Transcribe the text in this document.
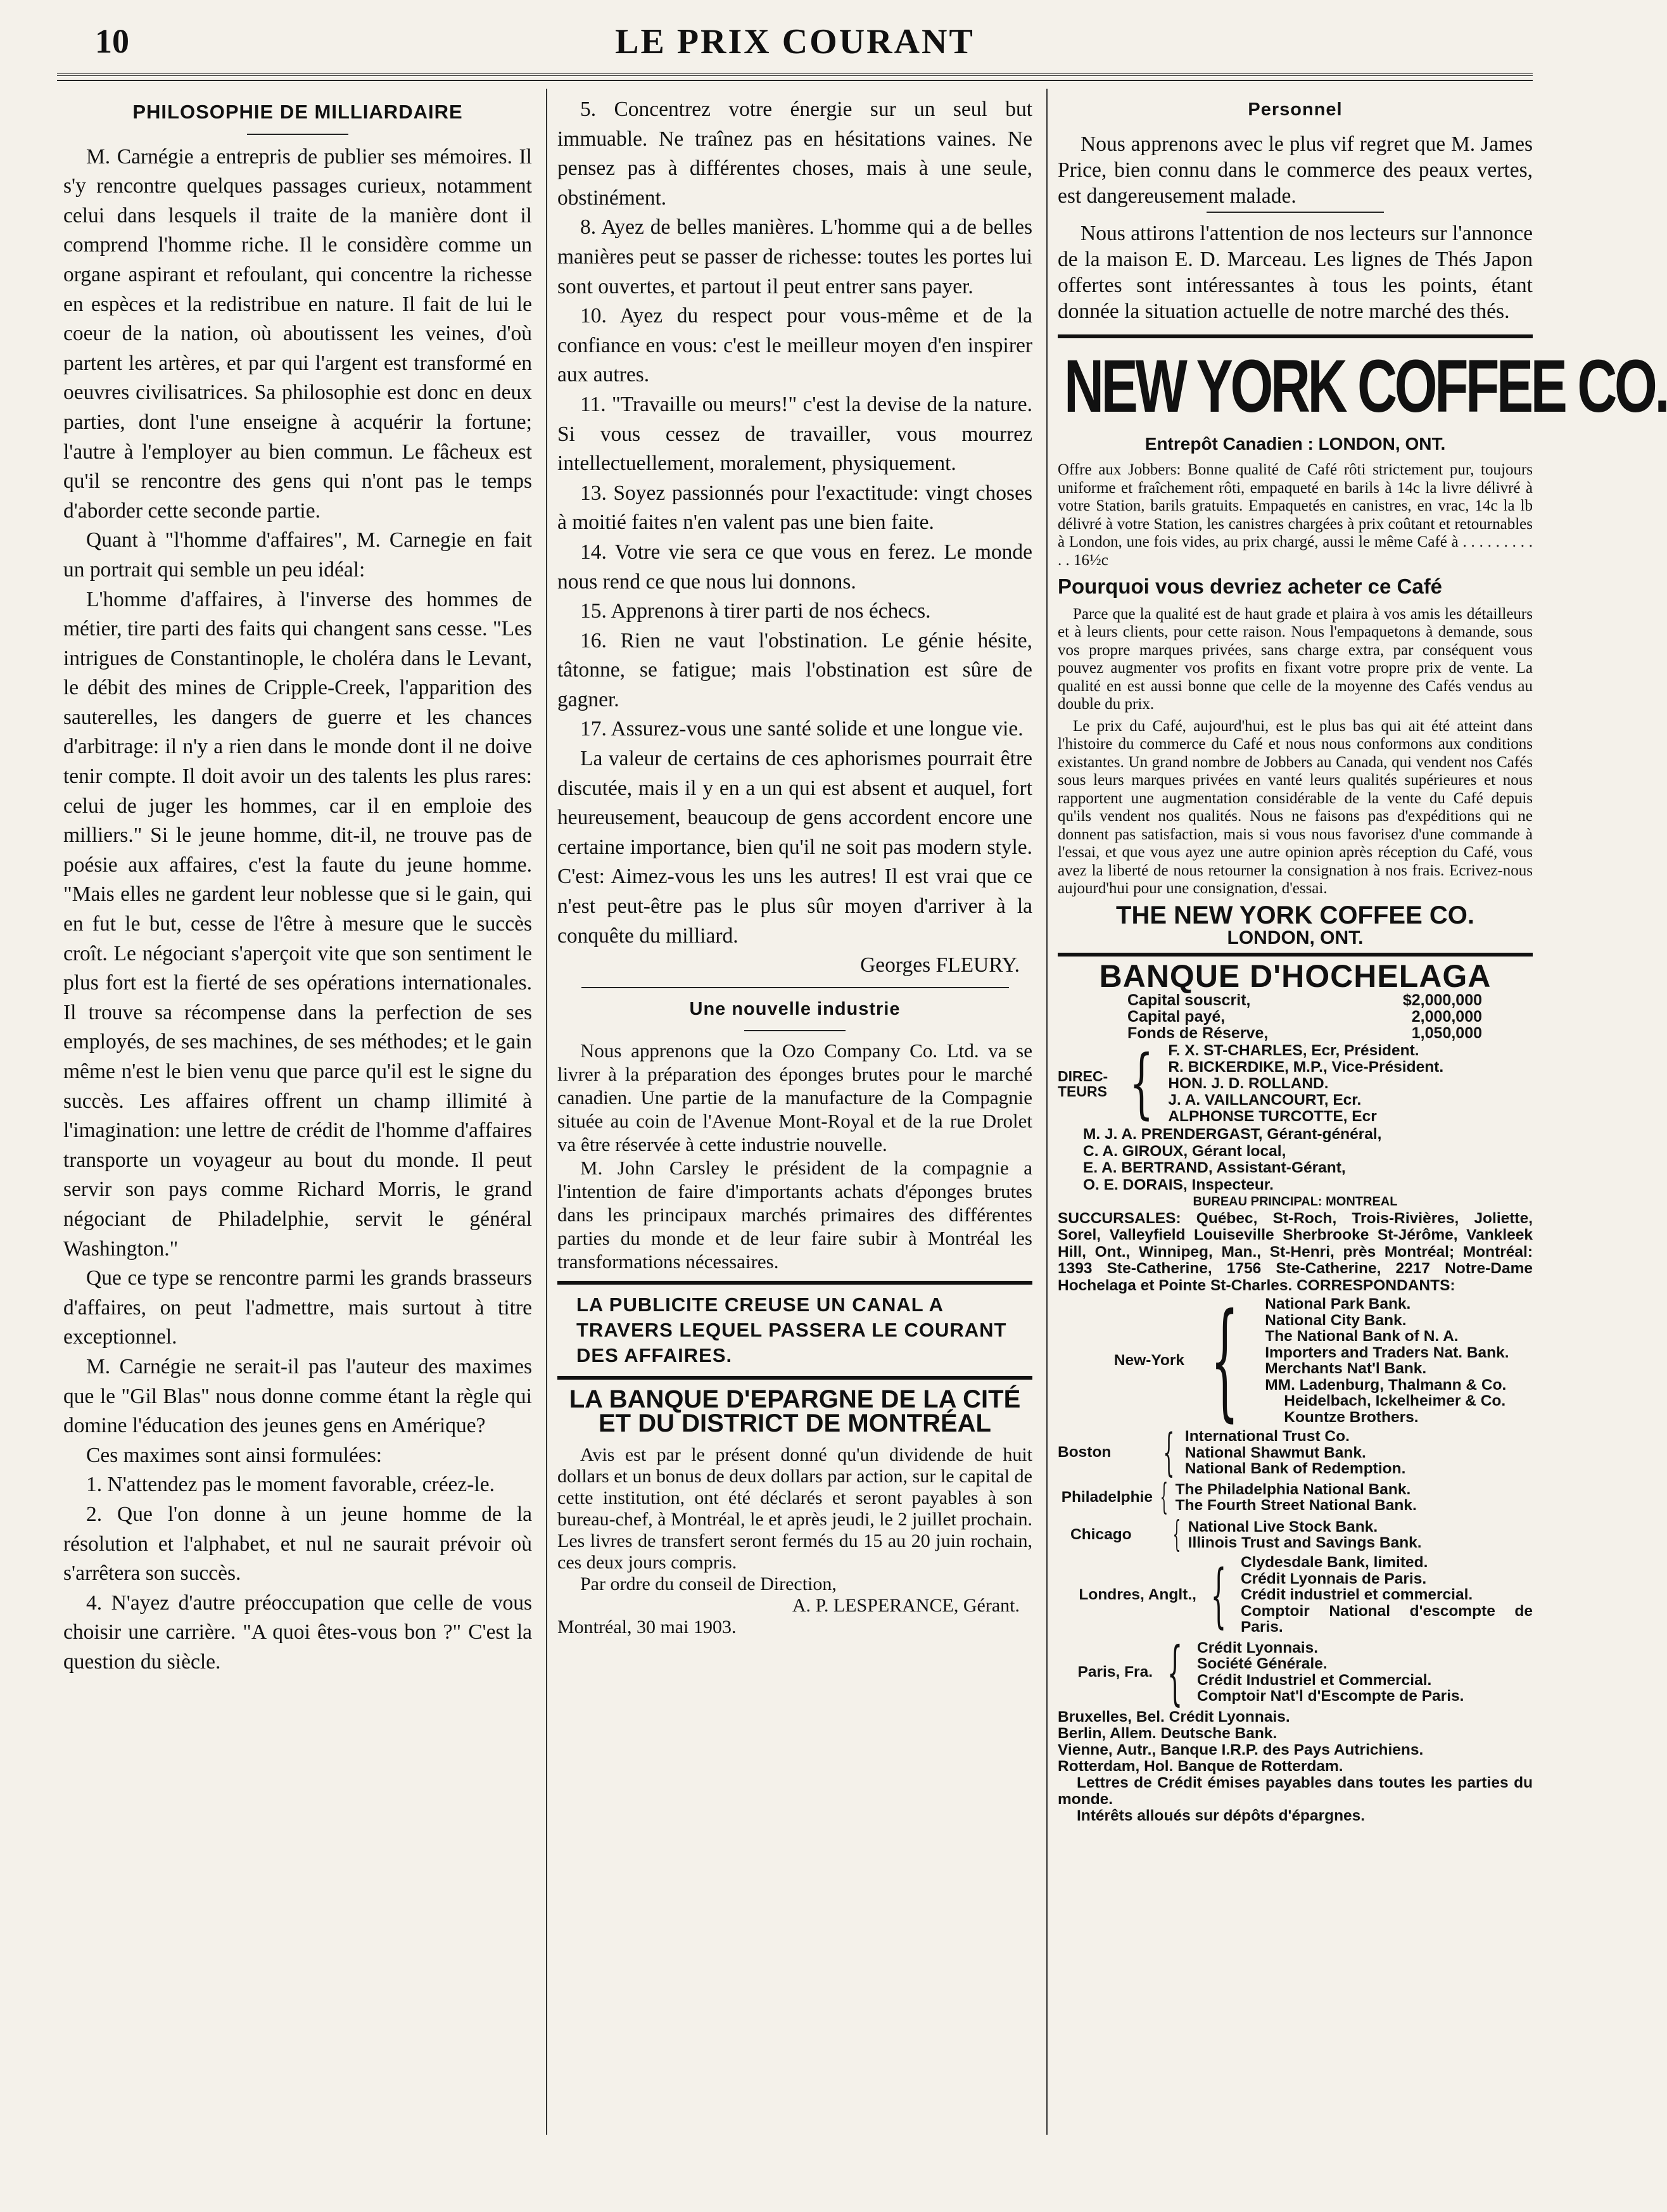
10	LE PRIX COURANT
PHILOSOPHIE DE MILLIARDAIRE

M. Carnégie a entrepris de publier ses mémoires. Il s'y rencontre quelques passages curieux, notamment celui dans lesquels il traite de la manière dont il comprend l'homme riche. Il le considère comme un organe aspirant et refoulant, qui concentre la richesse en espèces et la redistribue en nature. Il fait de lui le coeur de la nation, où aboutissent les veines, d'où partent les artères, et par qui l'argent est transformé en oeuvres civilisatrices. Sa philosophie est donc en deux parties, dont l'une enseigne à acquérir la fortune; l'autre à l'employer au bien commun. Le fâcheux est qu'il se rencontre des gens qui n'ont pas le temps d'aborder cette seconde partie.

Quant à "l'homme d'affaires", M. Carnegie en fait un portrait qui semble un peu idéal:

L'homme d'affaires, à l'inverse des hommes de métier, tire parti des faits qui changent sans cesse. "Les intrigues de Constantinople, le choléra dans le Levant, le débit des mines de Cripple-Creek, l'apparition des sauterelles, les dangers de guerre et les chances d'arbitrage: il n'y a rien dans le monde dont il ne doive tenir compte. Il doit avoir un des talents les plus rares: celui de juger les hommes, car il en emploie des milliers." Si le jeune homme, dit-il, ne trouve pas de poésie aux affaires, c'est la faute du jeune homme. "Mais elles ne gardent leur noblesse que si le gain, qui en fut le but, cesse de l'être à mesure que le succès croît. Le négociant s'aperçoit vite que son sentiment le plus fort est la fierté de ses opérations internationales. Il trouve sa récompense dans la perfection de ses employés, de ses machines, de ses méthodes; et le gain même n'est le bien venu que parce qu'il est le signe du succès. Les affaires offrent un champ illimité à l'imagination: une lettre de crédit de l'homme d'affaires transporte un voyageur au bout du monde. Il peut servir son pays comme Richard Morris, le grand négociant de Philadelphie, servit le général Washington."

Que ce type se rencontre parmi les grands brasseurs d'affaires, on peut l'admettre, mais surtout à titre exceptionnel.

M. Carnégie ne serait-il pas l'auteur des maximes que le "Gil Blas" nous donne comme étant la règle qui domine l'éducation des jeunes gens en Amérique?

Ces maximes sont ainsi formulées:

1. N'attendez pas le moment favorable, créez-le.

2. Que l'on donne à un jeune homme de la résolution et l'alphabet, et nul ne saurait prévoir où s'arrêtera son succès.

4. N'ayez d'autre préoccupation que celle de vous choisir une carrière. "A quoi êtes-vous bon ?" C'est la question du siècle.

5. Concentrez votre énergie sur un seul but immuable. Ne traînez pas en hésitations vaines. Ne pensez pas à différentes choses, mais à une seule, obstinément.

8. Ayez de belles manières. L'homme qui a de belles manières peut se passer de richesse: toutes les portes lui sont ouvertes, et partout il peut entrer sans payer.

10. Ayez du respect pour vous-même et de la confiance en vous: c'est le meilleur moyen d'en inspirer aux autres.

11. "Travaille ou meurs!" c'est la devise de la nature. Si vous cessez de travailler, vous mourrez intellectuellement, moralement, physiquement.

13. Soyez passionnés pour l'exactitude: vingt choses à moitié faites n'en valent pas une bien faite.

14. Votre vie sera ce que vous en ferez. Le monde nous rend ce que nous lui donnons.

15. Apprenons à tirer parti de nos échecs.

16. Rien ne vaut l'obstination. Le génie hésite, tâtonne, se fatigue; mais l'obstination est sûre de gagner.

17. Assurez-vous une santé solide et une longue vie.

La valeur de certains de ces aphorismes pourrait être discutée, mais il y en a un qui est absent et auquel, fort heureusement, beaucoup de gens accordent encore une certaine importance, bien qu'il ne soit pas modern style. C'est: Aimez-vous les uns les autres! Il est vrai que ce n'est peut-être pas le plus sûr moyen d'arriver à la conquête du milliard.

Georges FLEURY.

Une nouvelle industrie

Nous apprenons que la Ozo Company Co. Ltd. va se livrer à la préparation des éponges brutes pour le marché canadien. Une partie de la manufacture de la Compagnie située au coin de l'Avenue Mont-Royal et de la rue Drolet va être réservée à cette industrie nouvelle.

M. John Carsley le président de la compagnie a l'intention de faire d'importants achats d'éponges brutes dans les principaux marchés primaires des différentes parties du monde et de leur faire subir à Montréal les transformations nécessaires.

LA PUBLICITE CREUSE UN CANAL A TRAVERS LEQUEL PASSERA LE COURANT DES AFFAIRES.
LA BANQUE D'EPARGNE DE LA CITÉ ET DU DISTRICT DE MONTRÉAL

Avis est par le présent donné qu'un dividende de huit dollars et un bonus de deux dollars par action, sur le capital de cette institution, ont été déclarés et seront payables à son bureau-chef, à Montréal, le et après jeudi, le 2 juillet prochain. Les livres de transfert seront fermés du 15 au 20 juin rochain, ces deux jours compris.

Par ordre du conseil de Direction,

A. P. LESPERANCE, Gérant.

Montréal, 30 mai 1903.

Personnel

Nous apprenons avec le plus vif regret que M. James Price, bien connu dans le commerce des peaux vertes, est dangereusement malade.

Nous attirons l'attention de nos lecteurs sur l'annonce de la maison E. D. Marceau. Les lignes de Thés Japon offertes sont intéressantes à tous les points, étant donnée la situation actuelle de notre marché des thés.

NEW YORK COFFEE CO.
Entrepôt Canadien : LONDON, ONT.
Offre aux Jobbers: Bonne qualité de Café rôti strictement pur, toujours uniforme et fraîchement rôti, empaqueté en barils à 14c la livre délivré à votre Station, barils gratuits. Empaquetés en canistres, en vrac, 14c la lb délivré à votre Station, les canistres chargées à prix coûtant et retournables à London, une fois vides, au prix chargé, aussi le même Café à . . . . . . . . . . . 16½c
Pourquoi vous devriez acheter ce Café
Parce que la qualité est de haut grade et plaira à vos amis les détailleurs et à leurs clients, pour cette raison. Nous l'empaquetons à demande, sous vos propre marques privées, sans charge extra, par conséquent vous pouvez augmenter vos profits en fixant votre propre prix de vente. La qualité en est aussi bonne que celle de la moyenne des Cafés vendus au double du prix.
Le prix du Café, aujourd'hui, est le plus bas qui ait été atteint dans l'histoire du commerce du Café et nous nous conformons aux conditions existantes. Un grand nombre de Jobbers au Canada, qui vendent nos Cafés sous leurs marques privées en vanté leurs qualités supérieures et nous rapportent une augmentation considérable de la vente du Café depuis qu'ils vendent nos qualités. Nous ne faisons pas d'expéditions qui ne donnent pas satisfaction, mais si vous nous favorisez d'une commande à l'essai, et que vous ayez une autre opinion après réception du Café, vous avez la liberté de nous retourner la consignation à nos frais. Ecrivez-nous aujourd'hui pour une consignation, d'essai.
THE NEW YORK COFFEE CO.
LONDON, ONT.
BANQUE D'HOCHELAGA
Capital souscrit,	$2,000,000
Capital payé,	2,000,000
Fonds de Réserve,	1,050,000
DIREC-TEURS { F. X. ST-CHARLES, Ecr, Président.
R. BICKERDIKE, M.P., Vice-Président.
HON. J. D. ROLLAND.
J. A. VAILLANCOURT, Ecr.
ALPHONSE TURCOTTE, Ecr
M. J. A. PRENDERGAST, Gérant-général,
C. A. GIROUX, Gérant local,
E. A. BERTRAND, Assistant-Gérant,
O. E. DORAIS, Inspecteur.
BUREAU PRINCIPAL: MONTREAL
SUCCURSALES: Québec, St-Roch, Trois-Rivières, Joliette, Sorel, Valleyfield Louiseville Sherbrooke St-Jérôme, Vankleek Hill, Ont., Winnipeg, Man., St-Henri, près Montréal; Montréal: 1393 Ste-Catherine, 1756 Ste-Catherine, 2217 Notre-Dame Hochelaga et Pointe St-Charles. CORRESPONDANTS:
New-York { National Park Bank.
National City Bank.
The National Bank of N. A.
Importers and Traders Nat. Bank.
Merchants Nat'l Bank.
MM. Ladenburg, Thalmann & Co.
Heidelbach, Ickelheimer & Co.
Kountze Brothers.
Boston	{ International Trust Co.
National Shawmut Bank.
National Bank of Redemption.
Philadelphie { The Philadelphia National Bank.
The Fourth Street National Bank.
Chicago	{ National Live Stock Bank.
Illinois Trust and Savings Bank.
Londres, Anglt., { Clydesdale Bank, limited.
Crédit Lyonnais de Paris.
Crédit industriel et commercial.
Comptoir National d'escompte de Paris.
Paris, Fra. { Crédit Lyonnais.
Société Générale.
Crédit Industriel et Commercial.
Comptoir Nat'l d'Escompte de Paris.
Bruxelles, Bel. Crédit Lyonnais.
Berlin, Allem. Deutsche Bank.
Vienne, Autr., Banque I.R.P. des Pays Autrichiens.
Rotterdam, Hol. Banque de Rotterdam.
Lettres de Crédit émises payables dans toutes les parties du monde.
Intérêts alloués sur dépôts d'épargnes.
